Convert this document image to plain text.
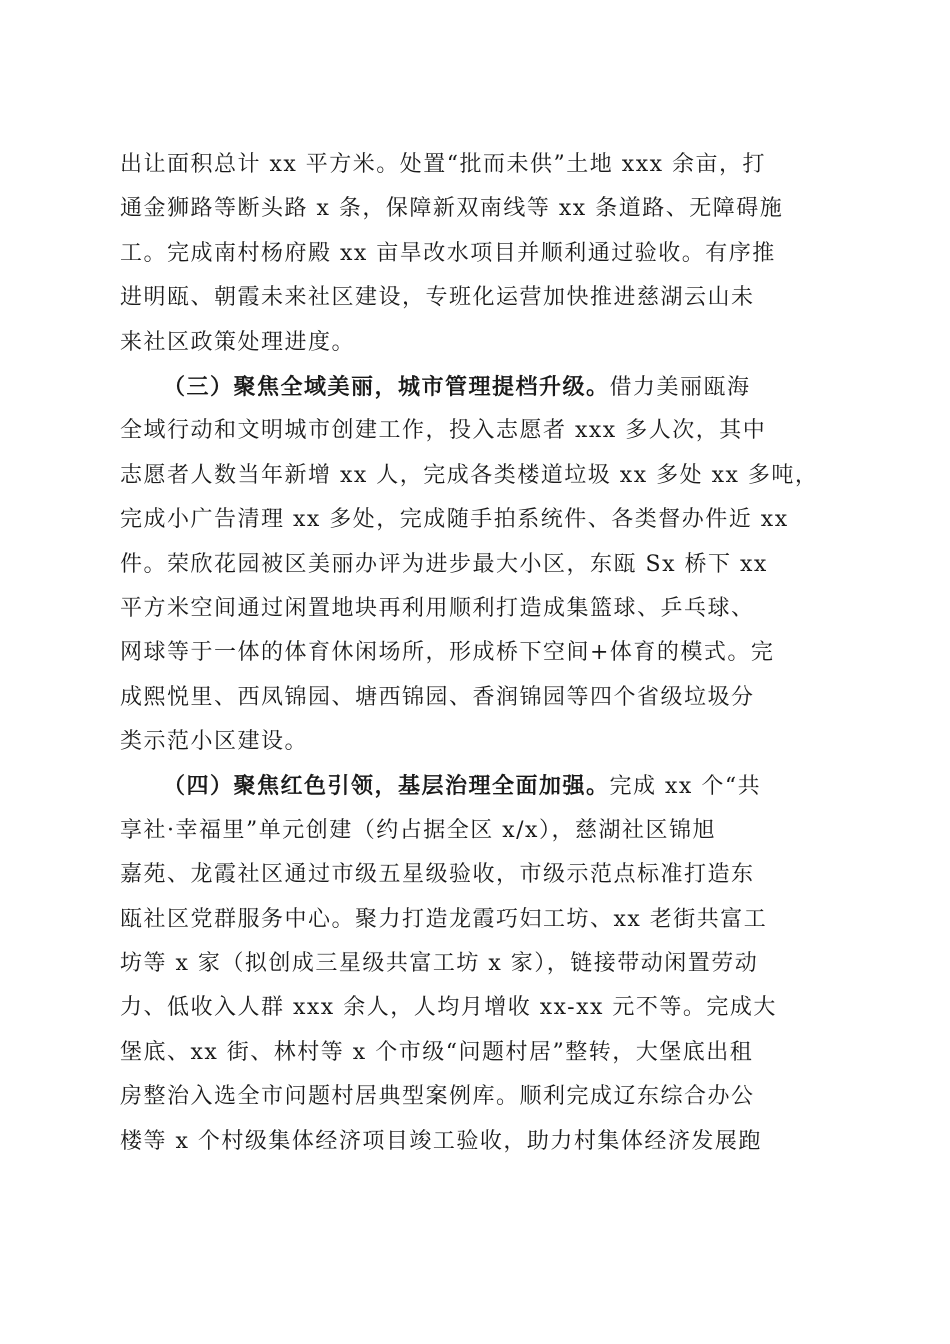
出让面积总计 xx 平方米。处置“批而未供”土地 xxx 余亩，打
通金狮路等断头路 x 条，保障新双南线等 xx 条道路、无障碍施
工。完成南村杨府殿 xx 亩旱改水项目并顺利通过验收。有序推
进明瓯、朝霞未来社区建设，专班化运营加快推进慈湖云山未
来社区政策处理进度。
（三）聚焦全域美丽，城市管理提档升级。借力美丽瓯海
全域行动和文明城市创建工作，投入志愿者 xxx 多人次，其中
志愿者人数当年新增 xx 人，完成各类楼道垃圾 xx 多处 xx 多吨，
完成小广告清理 xx 多处，完成随手拍系统件、各类督办件近 xx
件。荣欣花园被区美丽办评为进步最大小区，东瓯 Sx 桥下 xx
平方米空间通过闲置地块再利用顺利打造成集篮球、乒乓球、
网球等于一体的体育休闲场所，形成桥下空间+体育的模式。完
成熙悦里、西凤锦园、塘西锦园、香润锦园等四个省级垃圾分
类示范小区建设。
（四）聚焦红色引领，基层治理全面加强。完成 xx 个“共
享社·幸福里”单元创建（约占据全区 x/x），慈湖社区锦旭
嘉苑、龙霞社区通过市级五星级验收，市级示范点标准打造东
瓯社区党群服务中心。聚力打造龙霞巧妇工坊、xx 老街共富工
坊等 x 家（拟创成三星级共富工坊 x 家），链接带动闲置劳动
力、低收入人群 xxx 余人，人均月增收 xx-xx 元不等。完成大
堡底、xx 街、林村等 x 个市级“问题村居”整转，大堡底出租
房整治入选全市问题村居典型案例库。顺利完成辽东综合办公
楼等 x 个村级集体经济项目竣工验收，助力村集体经济发展跑
